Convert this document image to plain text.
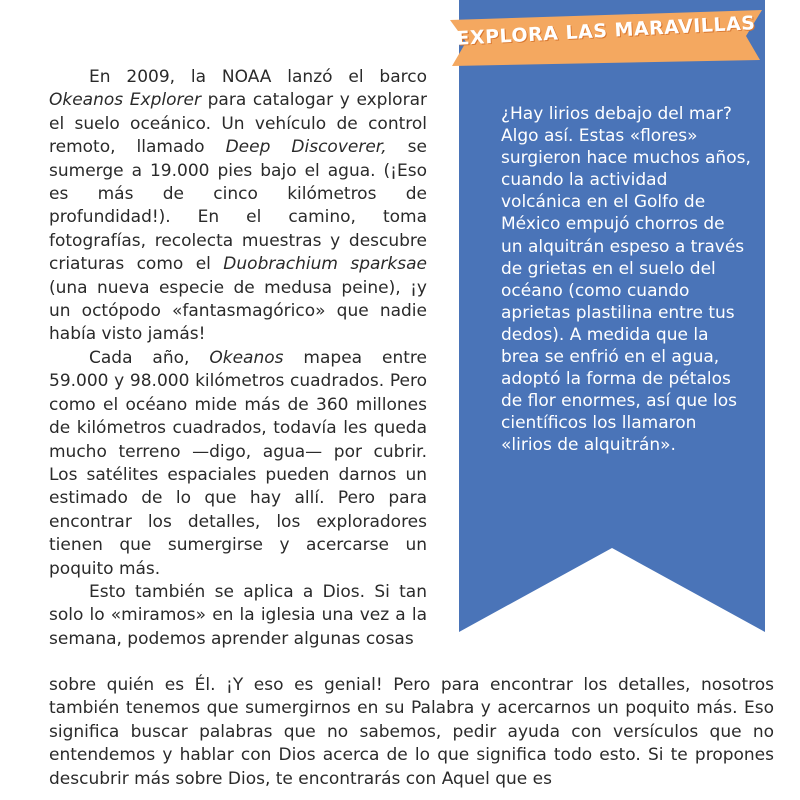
En 2009, la NOAA lanzó el barco Okeanos Explorer para catalogar y explorar el suelo oceánico. Un vehículo de control remoto, llamado Deep Discoverer, se sumerge a 19.000 pies bajo el agua. (¡Eso es más de cinco kilómetros de profundidad!). En el camino, toma fotografías, recolecta muestras y descubre criaturas como el Duobrachium sparksae (una nueva especie de medusa peine), ¡y un octópodo «fantasmagórico» que nadie había visto jamás!

Cada año, Okeanos mapea entre 59.000 y 98.000 kilómetros cuadrados. Pero como el océano mide más de 360 millones de kilómetros cuadrados, todavía les queda mucho terreno —digo, agua— por cubrir. Los satélites espaciales pueden darnos un estimado de lo que hay allí. Pero para encontrar los detalles, los exploradores tienen que sumergirse y acercarse un poquito más.

Esto también se aplica a Dios. Si tan solo lo «miramos» en la iglesia una vez a la semana, podemos aprender algunas cosas

sobre quién es Él. ¡Y eso es genial! Pero para encontrar los detalles, nosotros también tenemos que sumergirnos en su Palabra y acercarnos un poquito más. Eso significa buscar palabras que no sabemos, pedir ayuda con versículos que no entendemos y hablar con Dios acerca de lo que significa todo esto. Si te propones descubrir más sobre Dios, te encontrarás con Aquel que es

¿Hay lirios debajo del mar? Algo así. Estas «flores» surgieron hace muchos años, cuando la actividad volcánica en el Golfo de México empujó chorros de un alquitrán espeso a través de grietas en el suelo del océano (como cuando aprietas plastilina entre tus dedos). A medida que la brea se enfrió en el agua, adoptó la forma de pétalos de flor enormes, así que los científicos los llamaron «lirios de alquitrán».
EXPLORA LAS MARAVILLAS
